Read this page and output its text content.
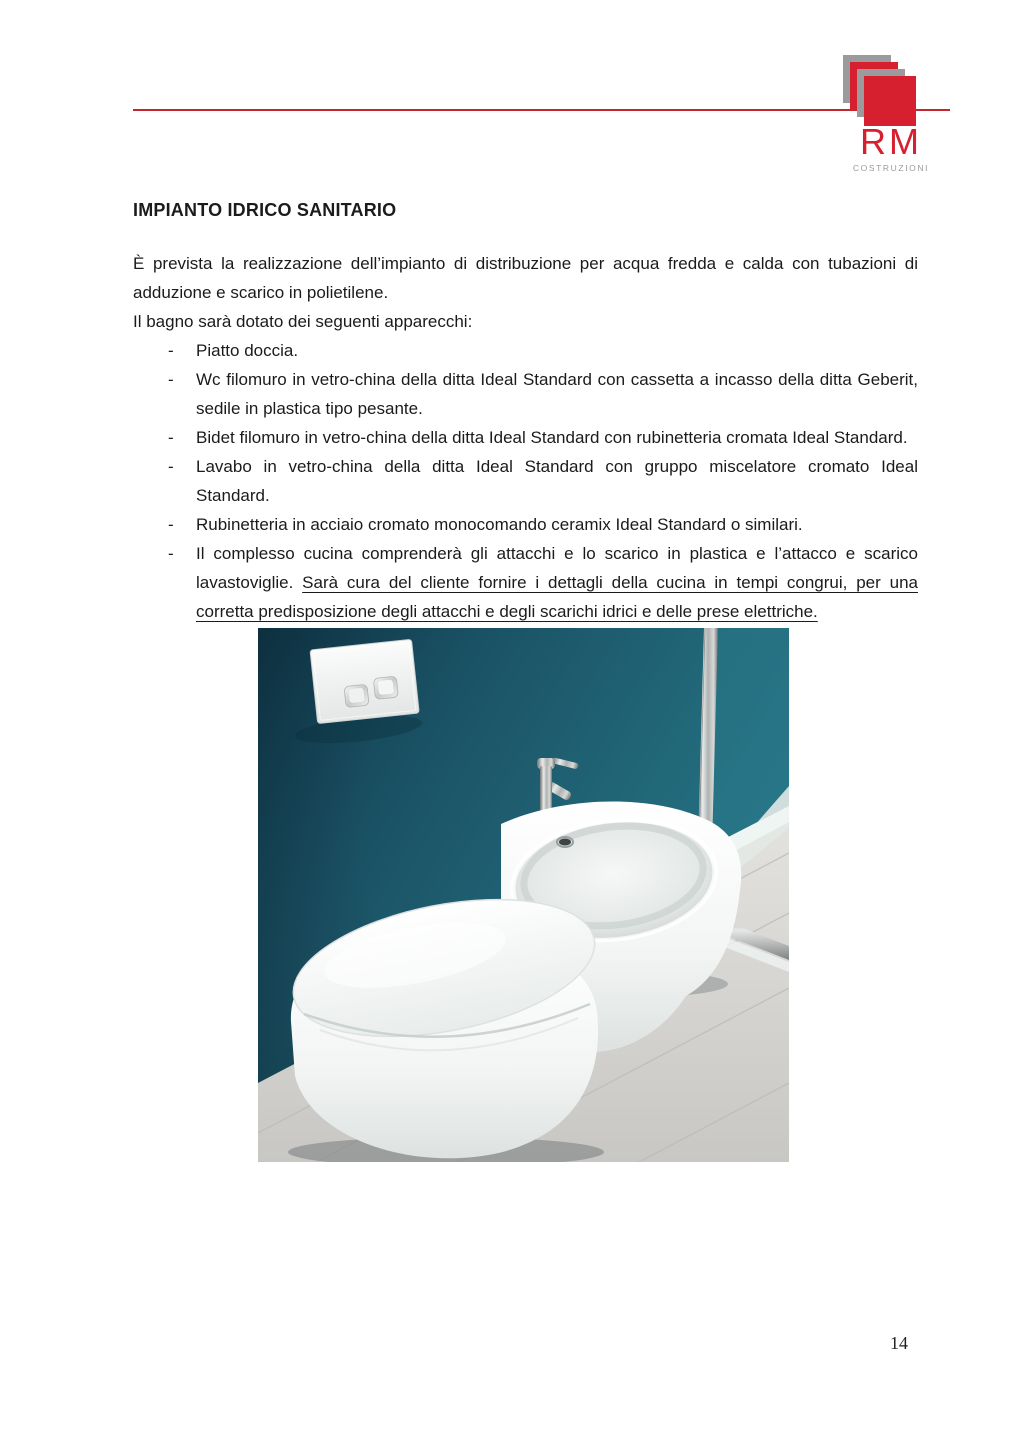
RM
COSTRUZIONI
IMPIANTO IDRICO SANITARIO

È prevista la realizzazione dell’impianto di distribuzione per acqua fredda e calda con tubazioni di adduzione e scarico in polietilene.

Il bagno sarà dotato dei seguenti apparecchi:

- Piatto doccia.
- Wc filomuro in vetro-china della ditta Ideal Standard con cassetta a incasso della ditta Geberit, sedile in plastica tipo pesante.
- Bidet filomuro in vetro-china della ditta Ideal Standard con rubinetteria cromata Ideal Standard.
- Lavabo in vetro-china della ditta Ideal Standard con gruppo miscelatore cromato Ideal Standard.
- Rubinetteria in acciaio cromato monocomando ceramix Ideal Standard o similari.
- Il complesso cucina comprenderà gli attacchi e lo scarico in plastica e l’attacco e scarico lavastoviglie. Sarà cura del cliente fornire i dettagli della cucina in tempi congrui, per una corretta predisposizione degli attacchi e degli scarichi idrici e delle prese elettriche.
14
